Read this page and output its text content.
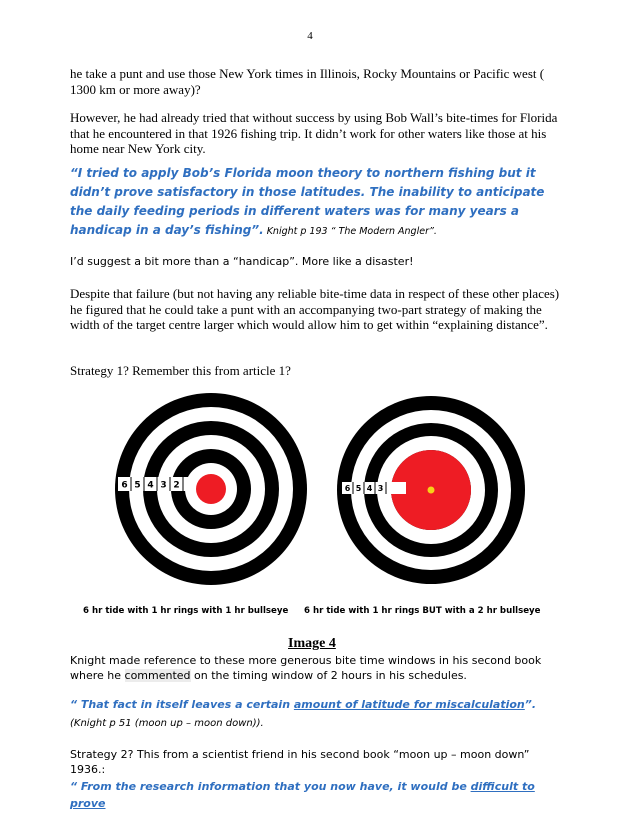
4
he take a punt and use those New York times in Illinois, Rocky Mountains or Pacific west ( 1300 km or more away)?
However, he had already tried that without success by using Bob Wall’s bite-times for Florida that he encountered in that 1926 fishing trip. It didn’t work for other waters like those at his home near New York city.
“I tried to apply Bob’s Florida moon theory to northern fishing but it didn’t prove satisfactory in those latitudes. The inability to anticipate the daily feeding periods in different waters was for many years a handicap in a day’s fishing”. Knight p 193 “ The Modern Angler”.
I’d suggest a bit more than a “handicap”. More like a disaster!
Despite that failure (but not having any reliable bite-time data in respect of these other places) he figured that he could take a punt with an accompanying two-part strategy of making the width of the target centre larger which would allow him to get within “explaining distance”.
Strategy 1? Remember this from article 1?
6 5 4 3 2	6 5 4 3 2
6 hr tide with 1 hr rings with 1 hr bullseye 6 hr tide with 1 hr rings BUT with a 2 hr bullseye
Image 4
Knight made reference to these more generous bite time windows in his second book where he commented on the timing window of 2 hours in his schedules.
“ That fact in itself leaves a certain amount of latitude for miscalculation”. (Knight p 51 (moon up – moon down)).
Strategy 2? This from a scientist friend in his second book “moon up – moon down” 1936.:
“ From the research information that you now have, it would be difficult to prove
